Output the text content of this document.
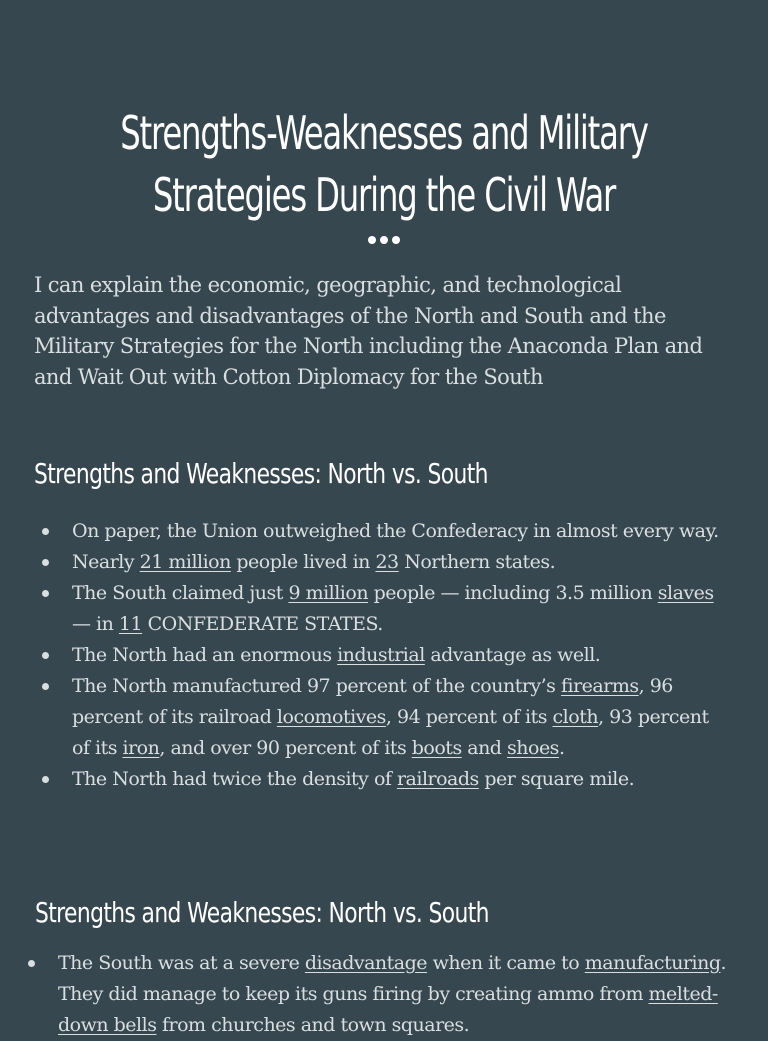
Strengths-Weaknesses and Military Strategies During the Civil War

I can explain the economic, geographic, and technological advantages and disadvantages of the North and South and the Military Strategies for the North including the Anaconda Plan and and Wait Out with Cotton Diplomacy for the South

Strengths and Weaknesses: North vs. South
On paper, the Union outweighed the Confederacy in almost every way.
Nearly 21 million people lived in 23 Northern states.
The South claimed just 9 million people — including 3.5 million slaves — in 11 CONFEDERATE STATES.
The North had an enormous industrial advantage as well.
The North manufactured 97 percent of the country’s firearms, 96 percent of its railroad locomotives, 94 percent of its cloth, 93 percent of its iron, and over 90 percent of its boots and shoes.
The North had twice the density of railroads per square mile.
Strengths and Weaknesses: North vs. South
The South was at a severe disadvantage when it came to manufacturing. They did manage to keep its guns firing by creating ammo from melted-down bells from churches and town squares.
